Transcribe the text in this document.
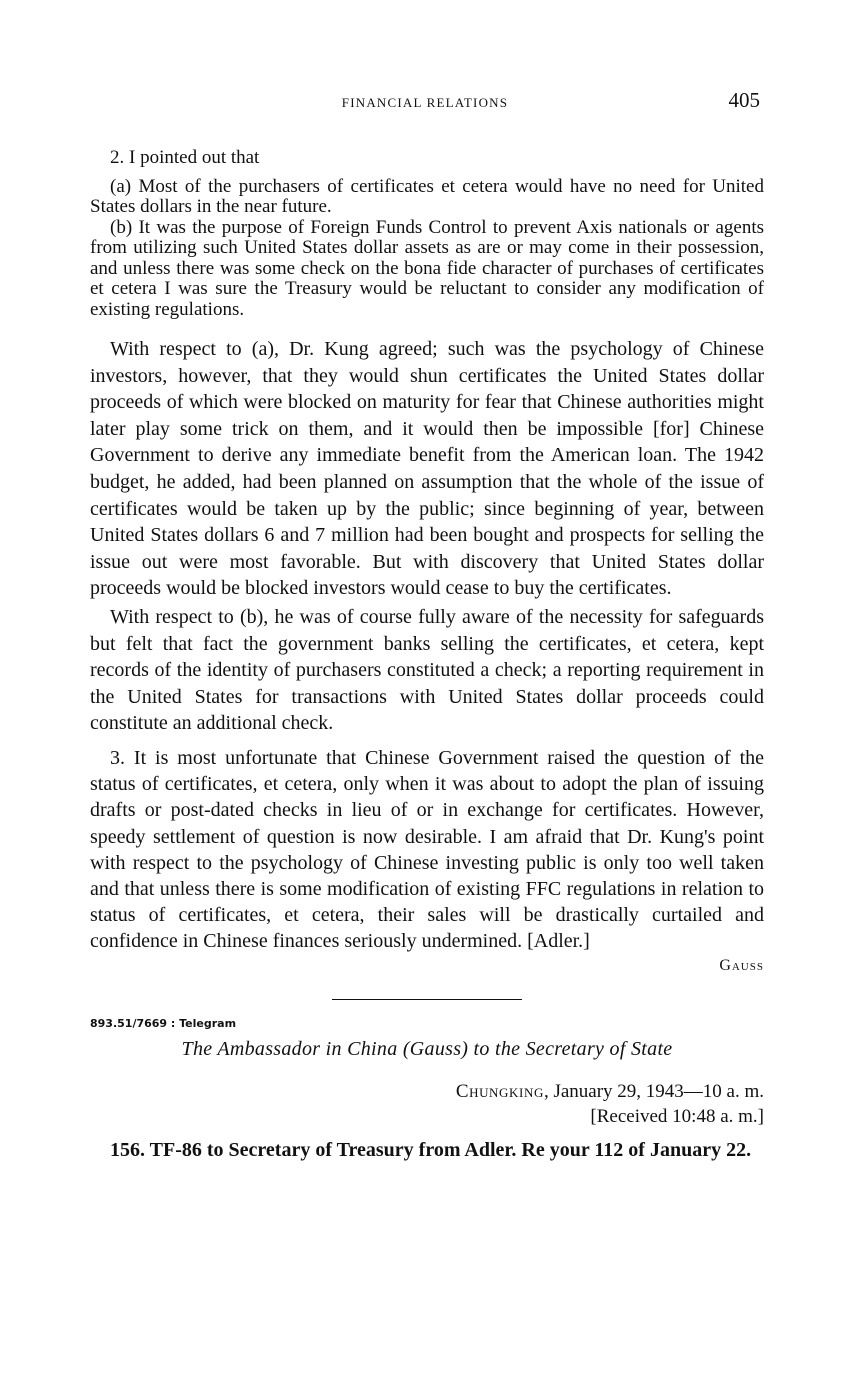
FINANCIAL RELATIONS	405

2. I pointed out that

(a) Most of the purchasers of certificates et cetera would have no need for United States dollars in the near future.

(b) It was the purpose of Foreign Funds Control to prevent Axis nationals or agents from utilizing such United States dollar assets as are or may come in their possession, and unless there was some check on the bona fide character of purchases of certificates et cetera I was sure the Treasury would be reluctant to consider any modification of existing regulations.

With respect to (a), Dr. Kung agreed; such was the psychology of Chinese investors, however, that they would shun certificates the United States dollar proceeds of which were blocked on maturity for fear that Chinese authorities might later play some trick on them, and it would then be impossible [for] Chinese Government to derive any immediate benefit from the American loan. The 1942 budget, he added, had been planned on assumption that the whole of the issue of certificates would be taken up by the public; since beginning of year, between United States dollars 6 and 7 million had been bought and prospects for selling the issue out were most favorable. But with discovery that United States dollar proceeds would be blocked investors would cease to buy the certificates.

With respect to (b), he was of course fully aware of the necessity for safeguards but felt that fact the government banks selling the certificates, et cetera, kept records of the identity of purchasers constituted a check; a reporting requirement in the United States for transactions with United States dollar proceeds could constitute an additional check.

3. It is most unfortunate that Chinese Government raised the question of the status of certificates, et cetera, only when it was about to adopt the plan of issuing drafts or post-dated checks in lieu of or in exchange for certificates. However, speedy settlement of question is now desirable. I am afraid that Dr. Kung's point with respect to the psychology of Chinese investing public is only too well taken and that unless there is some modification of existing FFC regulations in relation to status of certificates, et cetera, their sales will be drastically curtailed and confidence in Chinese finances seriously undermined. [Adler.]

Gauss
893.51/7669 : Telegram
The Ambassador in China (Gauss) to the Secretary of State
Chungking, January 29, 1943—10 a. m.
[Received 10:48 a. m.]

156. TF-86 to Secretary of Treasury from Adler. Re your 112 of January 22.
